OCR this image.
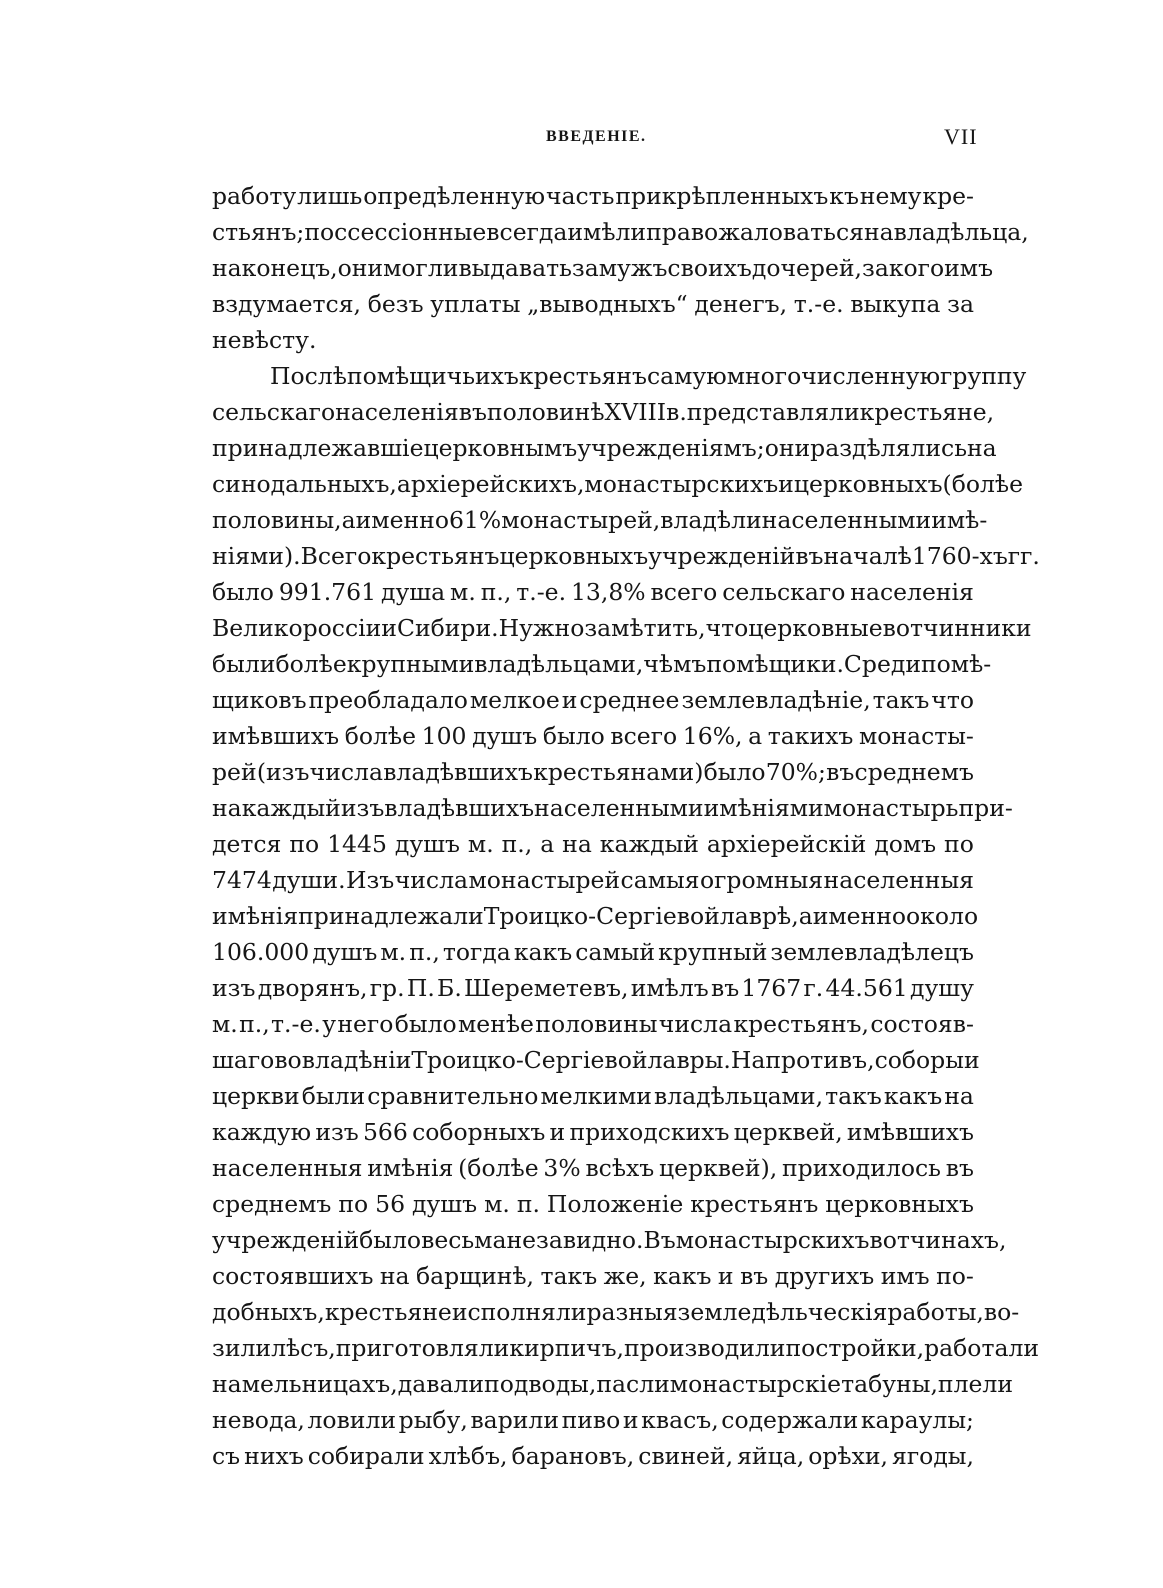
ВВЕДЕНІЕ.	VII
работу лишь опредѣленную часть прикрѣпленныхъ къ нему кре-
стьянъ; поссессіонные всегда имѣли право жаловаться на владѣльца,
наконецъ, они могли выдавать замужъ своихъ дочерей, за кого имъ
вздумается, безъ уплаты „выводныхъ“ денегъ, т.-е. выкупа за
невѣсту.
Послѣ помѣщичьихъ крестьянъ самую многочисленную группу
сельскаго населенія въ половинѣ XVIII в. представляли крестьяне,
принадлежавшіе церковнымъ учрежденіямъ; они раздѣлялись на
синодальныхъ, архіерейскихъ, монастырскихъ и церковныхъ (болѣе
половины, а именно 61% монастырей, владѣли населенными имѣ-
ніями). Всего крестьянъ церковныхъ учрежденій въ началѣ 1760-хъ гг.
было 991.761 душа м. п., т.-е. 13,8% всего сельскаго населенія
Великороссіи и Сибири. Нужно замѣтить, что церковные вотчинники
были болѣе крупными владѣльцами, чѣмъ помѣщики. Среди помѣ-
щиковъ преобладало мелкое и среднее землевладѣніе, такъ что
имѣвшихъ болѣе 100 душъ было всего 16%, а такихъ монасты-
рей (изъ числа владѣвшихъ крестьянами) было 70%; въ среднемъ
на каждый изъ владѣвшихъ населенными имѣніями монастырь при-
дется по 1445 душъ м. п., а на каждый архіерейскій домъ по
7474 души. Изъ числа монастырей самыя огромныя населенныя
имѣнія принадлежали Троицко-Сергіевой лаврѣ, а именно около
106.000 душъ м. п., тогда какъ самый крупный землевладѣлецъ
изъ дворянъ, гр. П. Б. Шереметевъ, имѣлъ въ 1767 г. 44.561 душу
м. п., т.-е. у него было менѣе половины числа крестьянъ, состояв-
шаго во владѣніи Троицко-Сергіевой лавры. Напротивъ, соборы и
церкви были сравнительно мелкими владѣльцами, такъ какъ на
каждую изъ 566 соборныхъ и приходскихъ церквей, имѣвшихъ
населенныя имѣнія (болѣе 3% всѣхъ церквей), приходилось въ
среднемъ по 56 душъ м. п. Положеніе крестьянъ церковныхъ
учрежденій было весьма незавидно. Въ монастырскихъ вотчинахъ,
состоявшихъ на барщинѣ, такъ же, какъ и въ другихъ имъ по-
добныхъ, крестьяне исполняли разныя земледѣльческія работы, во-
зили лѣсъ, приготовляли кирпичъ, производили постройки, работали
на мельницахъ, давали подводы, пасли монастырскіе табуны, плели
невода, ловили рыбу, варили пиво и квасъ, содержали караулы;
съ нихъ собирали хлѣбъ, барановъ, свиней, яйца, орѣхи, ягоды,
